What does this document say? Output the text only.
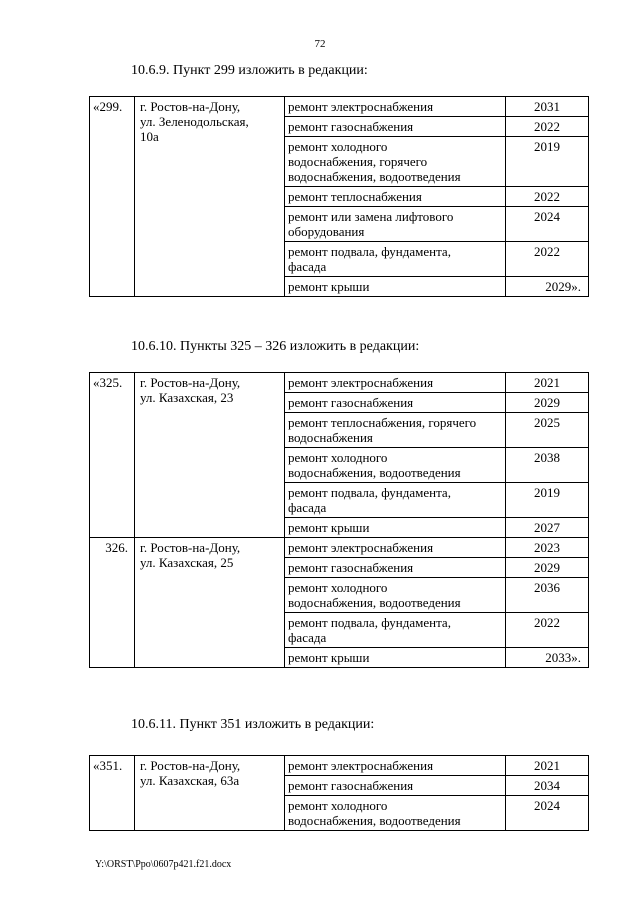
72
10.6.9. Пункт 299 изложить в редакции:
«299.	г. Ростов-на-Дону,
ул. Зеленодольская,
10а	ремонт электроснабжения	2031

		ремонт газоснабжения	2022

		ремонт холодного
водоснабжения, горячего
водоснабжения, водоотведения	2019

		ремонт теплоснабжения	2022

		ремонт или замена лифтового
оборудования	2024

		ремонт подвала, фундамента,
фасада	2022

		ремонт крыши	2029».
10.6.10. Пункты 325 – 326 изложить в редакции:
«325.	г. Ростов-на-Дону,
ул. Казахская, 23	ремонт электроснабжения	2021

		ремонт газоснабжения	2029

		ремонт теплоснабжения, горячего
водоснабжения	2025

		ремонт холодного
водоснабжения, водоотведения	2038

		ремонт подвала, фундамента,
фасада	2019

		ремонт крыши	2027
326.	г. Ростов-на-Дону,
ул. Казахская, 25	ремонт электроснабжения	2023

		ремонт газоснабжения	2029

		ремонт холодного
водоснабжения, водоотведения	2036

		ремонт подвала, фундамента,
фасада	2022

		ремонт крыши	2033».
10.6.11. Пункт 351 изложить в редакции:
«351.	г. Ростов-на-Дону,
ул. Казахская, 63а	ремонт электроснабжения	2021

		ремонт газоснабжения	2034

		ремонт холодного
водоснабжения, водоотведения	2024
Y:\ORST\Ppo\0607p421.f21.docx
